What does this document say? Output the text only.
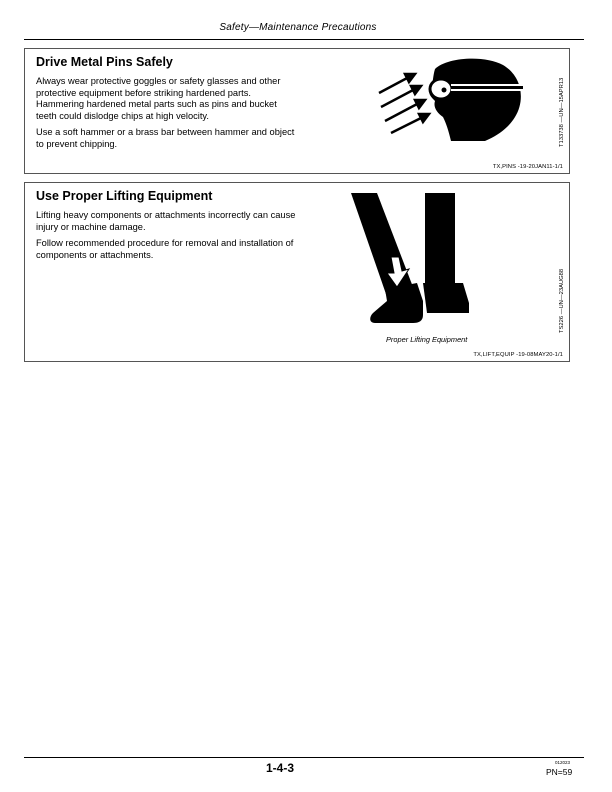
Safety—Maintenance Precautions
Drive Metal Pins Safely

Always wear protective goggles or safety glasses and other protective equipment before striking hardened parts. Hammering hardened metal parts such as pins and bucket teeth could dislodge chips at high velocity.

Use a soft hammer or a brass bar between hammer and object to prevent chipping.	T133738 —UN—15APR13
TX,PINS -19-20JAN11-1/1
Use Proper Lifting Equipment

Lifting heavy components or attachments incorrectly can cause injury or machine damage.

Follow recommended procedure for removal and installation of components or attachments.

TS226 —UN—23AUG88
Proper Lifting Equipment
TX,LIFT,EQUIP -19-08MAY20-1/1
1-4-3	012023
PN=59
